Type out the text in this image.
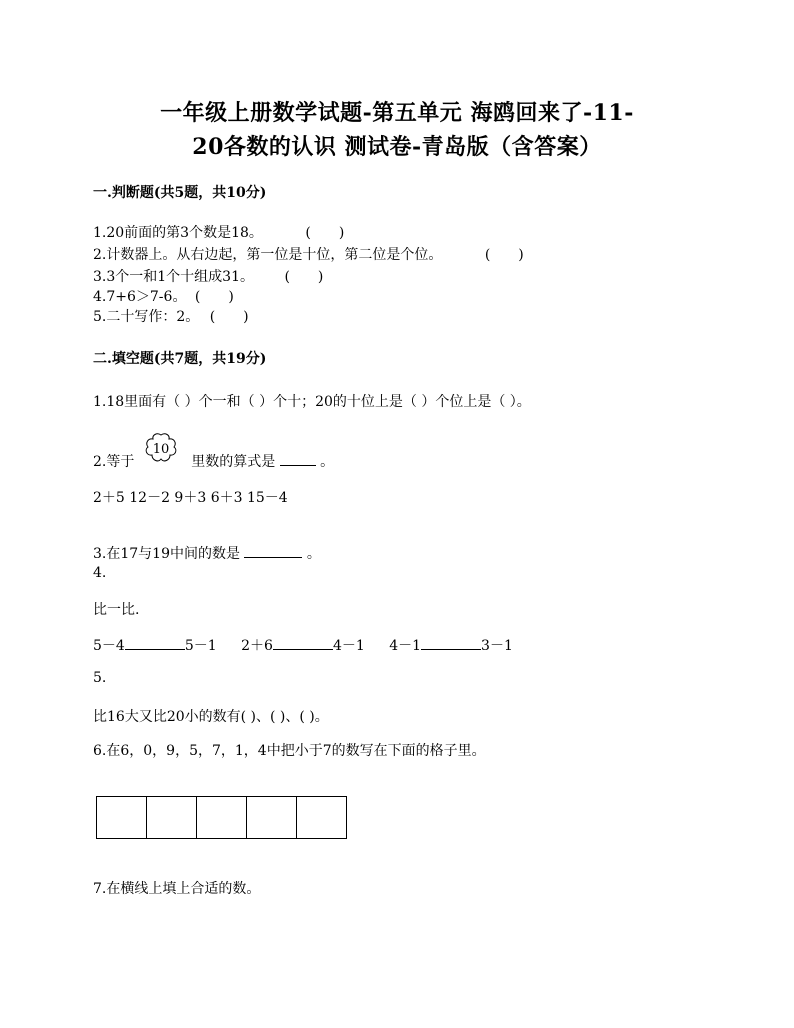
一年级上册数学试题-第五单元 海鸥回来了-11-
20各数的认识 测试卷-青岛版（含答案）
一.判断题(共5题，共10分)
1.20前面的第3个数是18。	(　　)
2.计数器上。从右边起，第一位是十位，第二位是个位。	(　　)
3.3个一和1个十组成31。 (　　)
4.7+6＞7-6。 (　　)
5.二十写作：2。 (　　)
二.填空题(共7题，共19分)
1.18里面有（ ）个一和（ ）个十；20的十位上是（ ）个位上是（ ）。
2.等于	里数的算式是	。
10
2＋5 12－2 9＋3 6＋3 15－4
3.在17与19中间的数是	。
4.
比一比.
5－4	5－1 2＋6	4－1 4－1	3－1
5.
比16大又比20小的数有( )、( )、( )。
6.在6，0，9，5，7，1，4中把小于7的数写在下面的格子里。
7.在横线上填上合适的数。
